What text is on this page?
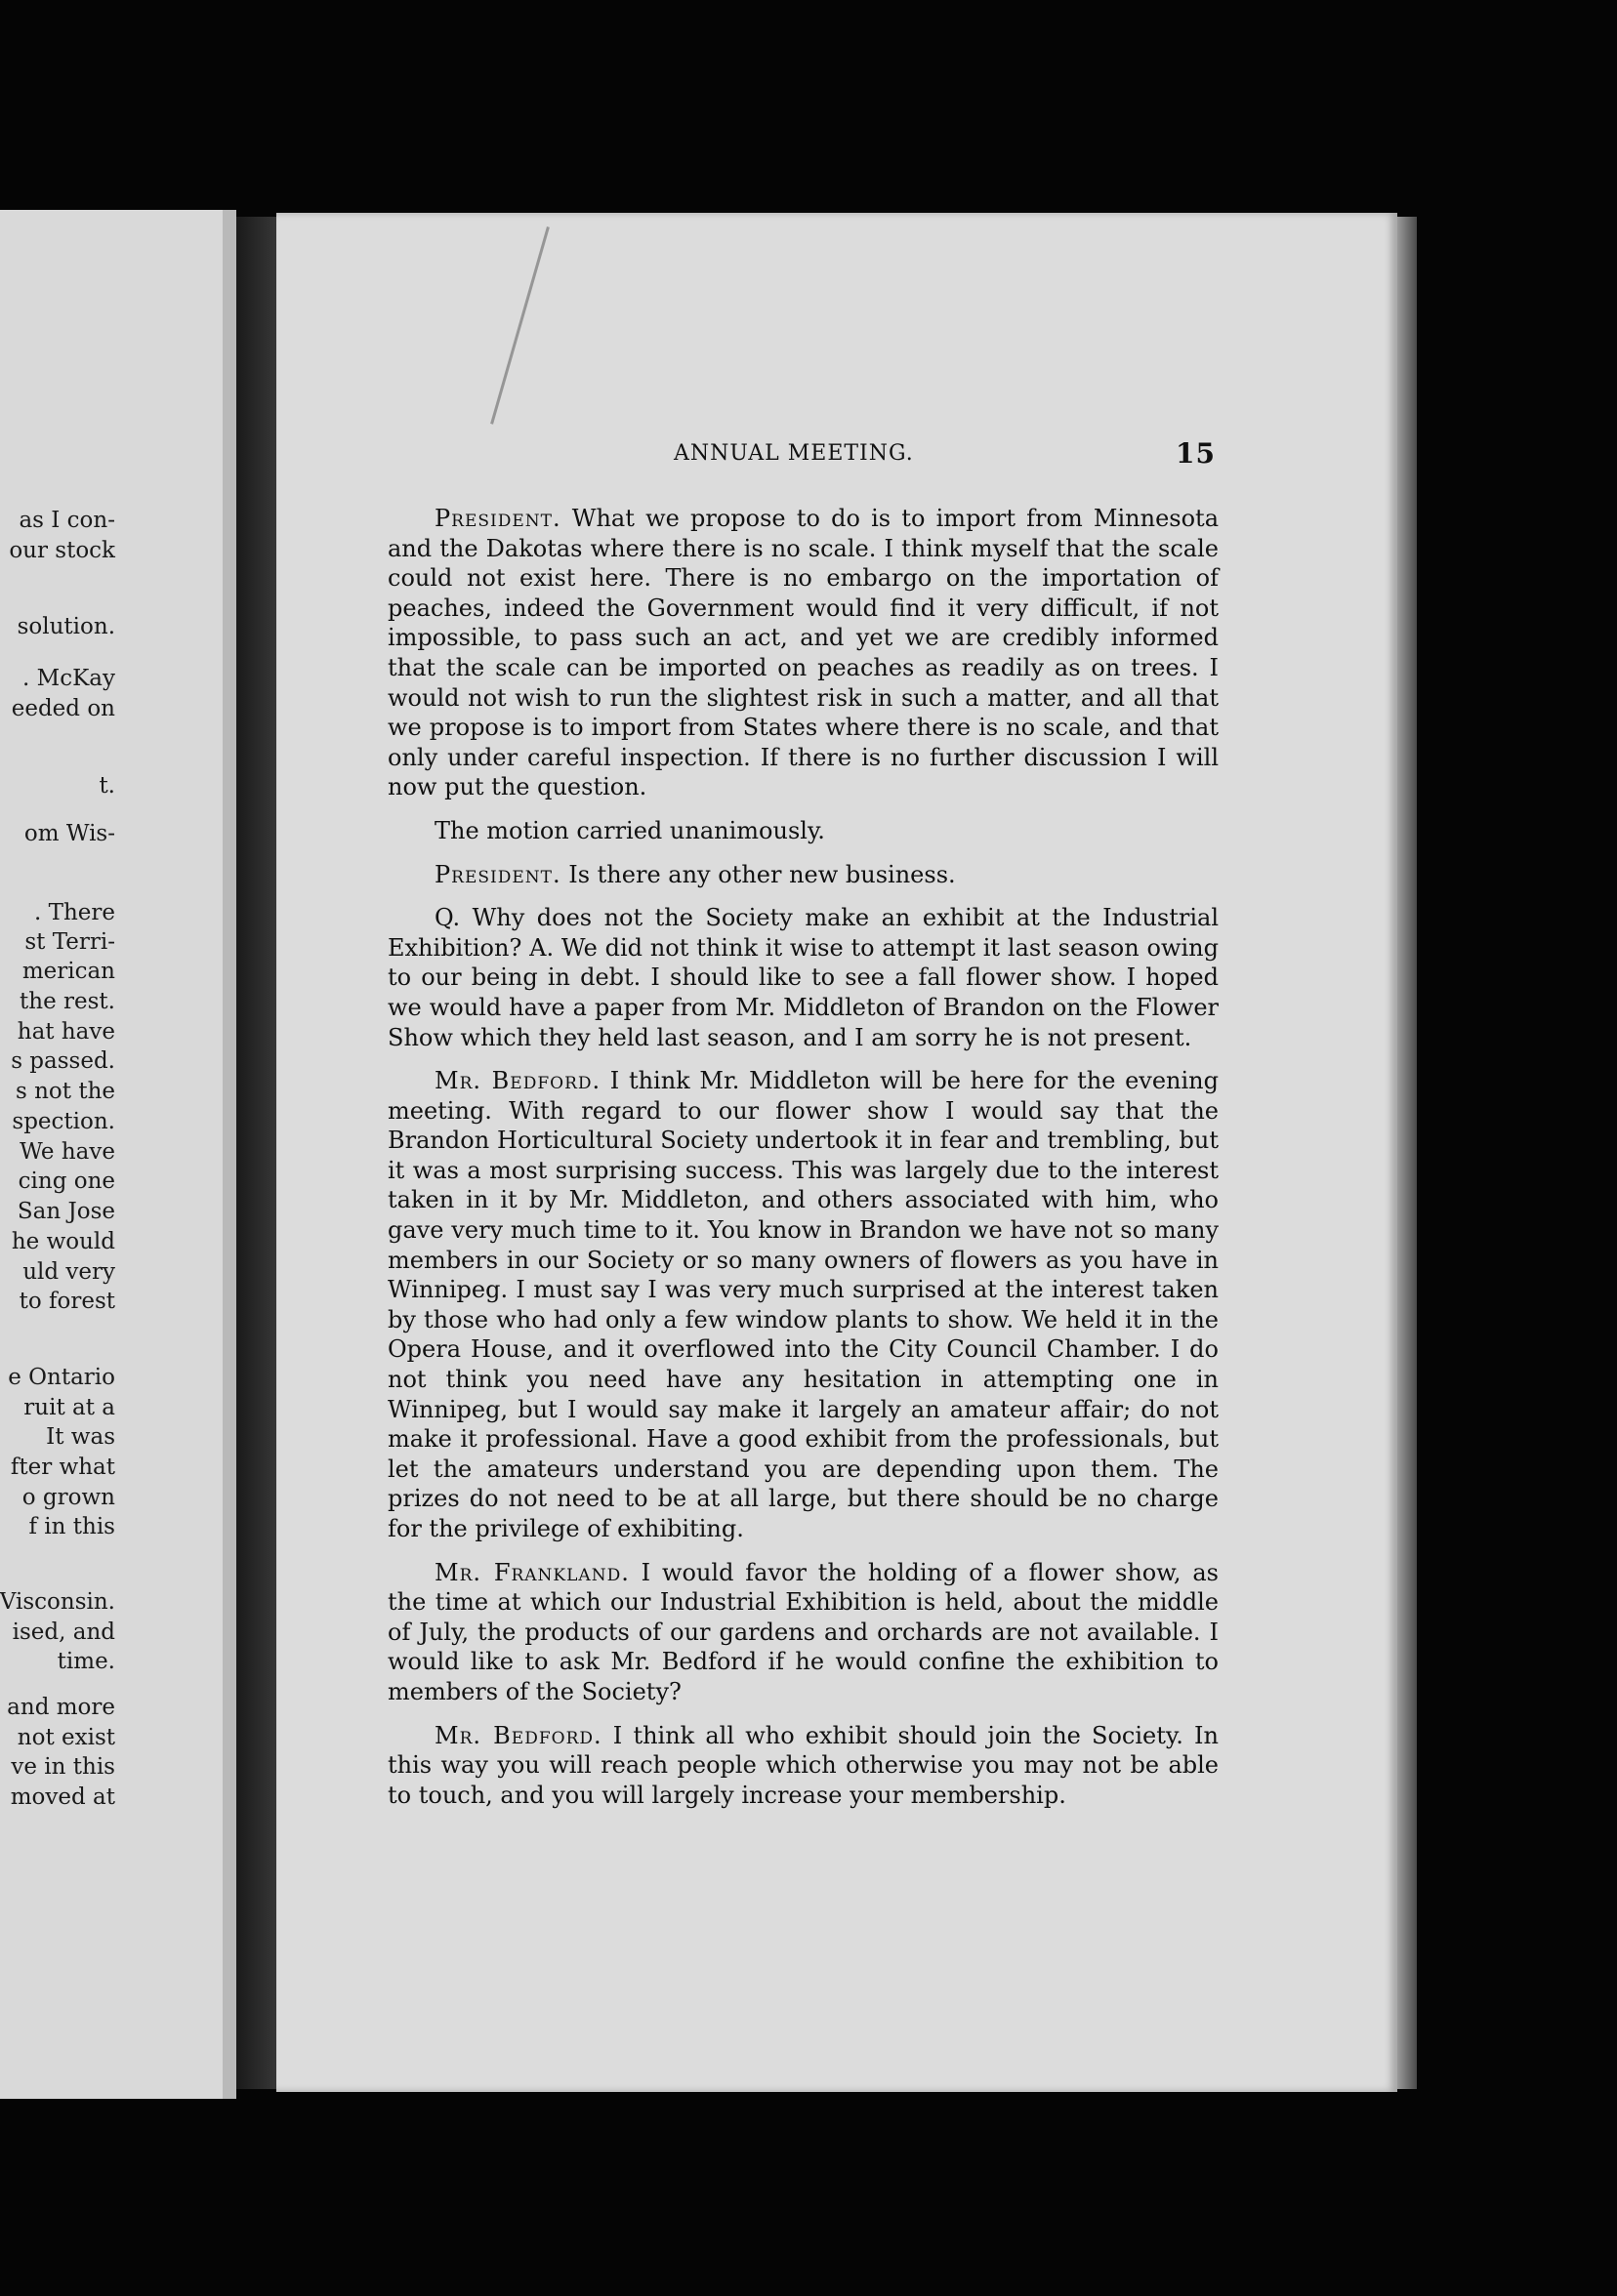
as I con-
our stock
solution.
. McKay
eeded on
t.
om Wis-
. There
st Terri-
merican
the rest.
hat have
s passed.
s not the
spection.
We have
cing one
San Jose
he would
uld very
to forest
e Ontario
ruit at a
It was
fter what
o grown
f in this
Visconsin.
ised, and
time.
and more
not exist
ve in this
moved at
ANNUAL MEETING.	15

President. What we propose to do is to import from Minnesota and the Dakotas where there is no scale. I think myself that the scale could not exist here. There is no embargo on the importation of peaches, indeed the Government would find it very difficult, if not impossible, to pass such an act, and yet we are credibly informed that the scale can be imported on peaches as readily as on trees. I would not wish to run the slightest risk in such a matter, and all that we propose is to import from States where there is no scale, and that only under careful inspection. If there is no further discussion I will now put the question.

The motion carried unanimously.

President. Is there any other new business.

Q. Why does not the Society make an exhibit at the Industrial Exhibition? A. We did not think it wise to attempt it last season owing to our being in debt. I should like to see a fall flower show. I hoped we would have a paper from Mr. Middleton of Brandon on the Flower Show which they held last season, and I am sorry he is not present.

Mr. Bedford. I think Mr. Middleton will be here for the evening meeting. With regard to our flower show I would say that the Brandon Horticultural Society undertook it in fear and trembling, but it was a most surprising success. This was largely due to the interest taken in it by Mr. Middleton, and others associated with him, who gave very much time to it. You know in Brandon we have not so many members in our Society or so many owners of flowers as you have in Winnipeg. I must say I was very much surprised at the interest taken by those who had only a few window plants to show. We held it in the Opera House, and it overflowed into the City Council Chamber. I do not think you need have any hesitation in attempting one in Winnipeg, but I would say make it largely an amateur affair; do not make it professional. Have a good exhibit from the professionals, but let the amateurs understand you are depending upon them. The prizes do not need to be at all large, but there should be no charge for the privilege of exhibiting.

Mr. Frankland. I would favor the holding of a flower show, as the time at which our Industrial Exhibition is held, about the middle of July, the products of our gardens and orchards are not available. I would like to ask Mr. Bedford if he would confine the exhibition to members of the Society?

Mr. Bedford. I think all who exhibit should join the Society. In this way you will reach people which otherwise you may not be able to touch, and you will largely increase your membership.
